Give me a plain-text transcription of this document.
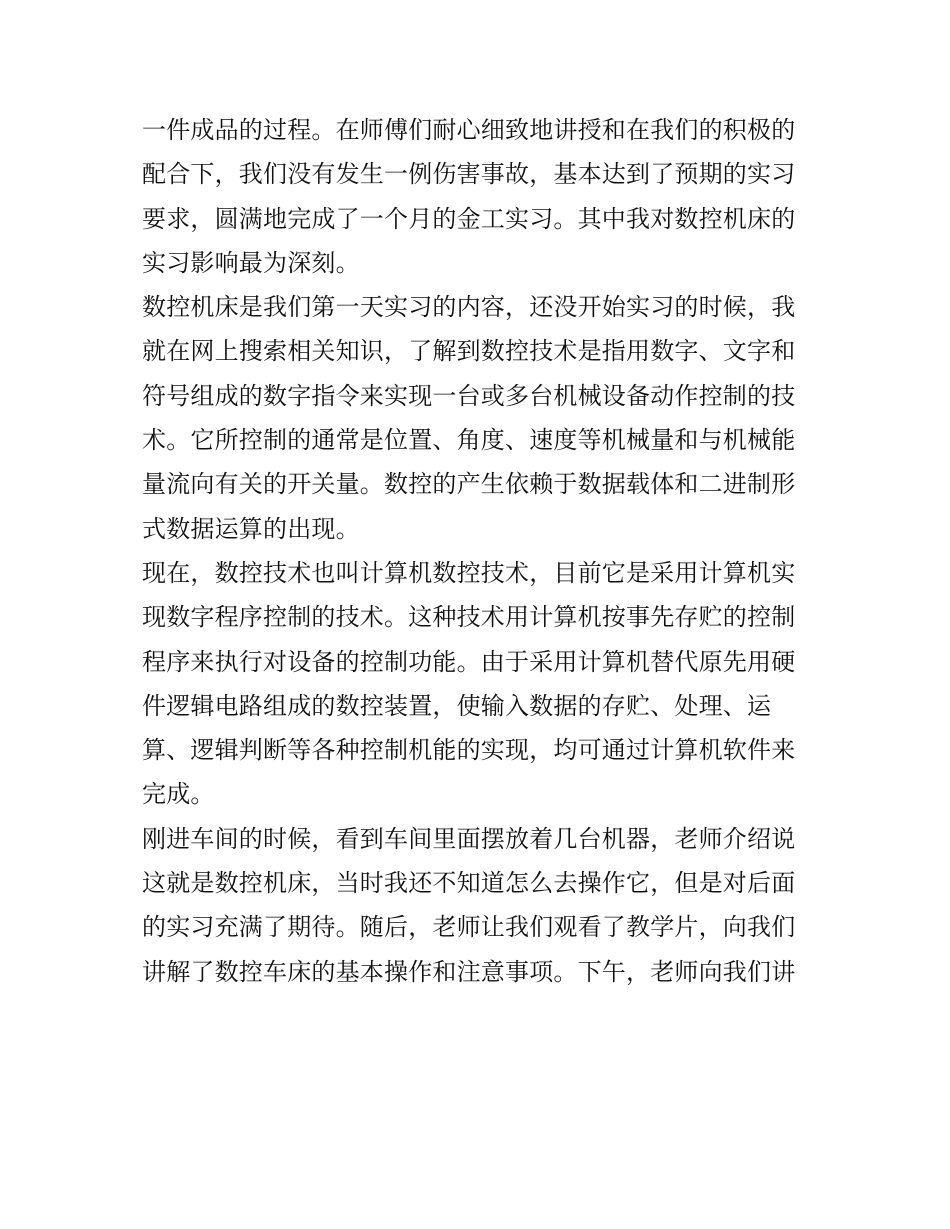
一件成品的过程。在师傅们耐心细致地讲授和在我们的积极的
配合下，我们没有发生一例伤害事故，基本达到了预期的实习
要求，圆满地完成了一个月的金工实习。其中我对数控机床的
实习影响最为深刻。
数控机床是我们第一天实习的内容，还没开始实习的时候，我
就在网上搜索相关知识，了解到数控技术是指用数字、文字和
符号组成的数字指令来实现一台或多台机械设备动作控制的技
术。它所控制的通常是位置、角度、速度等机械量和与机械能
量流向有关的开关量。数控的产生依赖于数据载体和二进制形
式数据运算的出现。
现在，数控技术也叫计算机数控技术，目前它是采用计算机实
现数字程序控制的技术。这种技术用计算机按事先存贮的控制
程序来执行对设备的控制功能。由于采用计算机替代原先用硬
件逻辑电路组成的数控装置，使输入数据的存贮、处理、运
算、逻辑判断等各种控制机能的实现，均可通过计算机软件来
完成。
刚进车间的时候，看到车间里面摆放着几台机器，老师介绍说
这就是数控机床，当时我还不知道怎么去操作它，但是对后面
的实习充满了期待。随后，老师让我们观看了教学片，向我们
讲解了数控车床的基本操作和注意事项。下午，老师向我们讲
